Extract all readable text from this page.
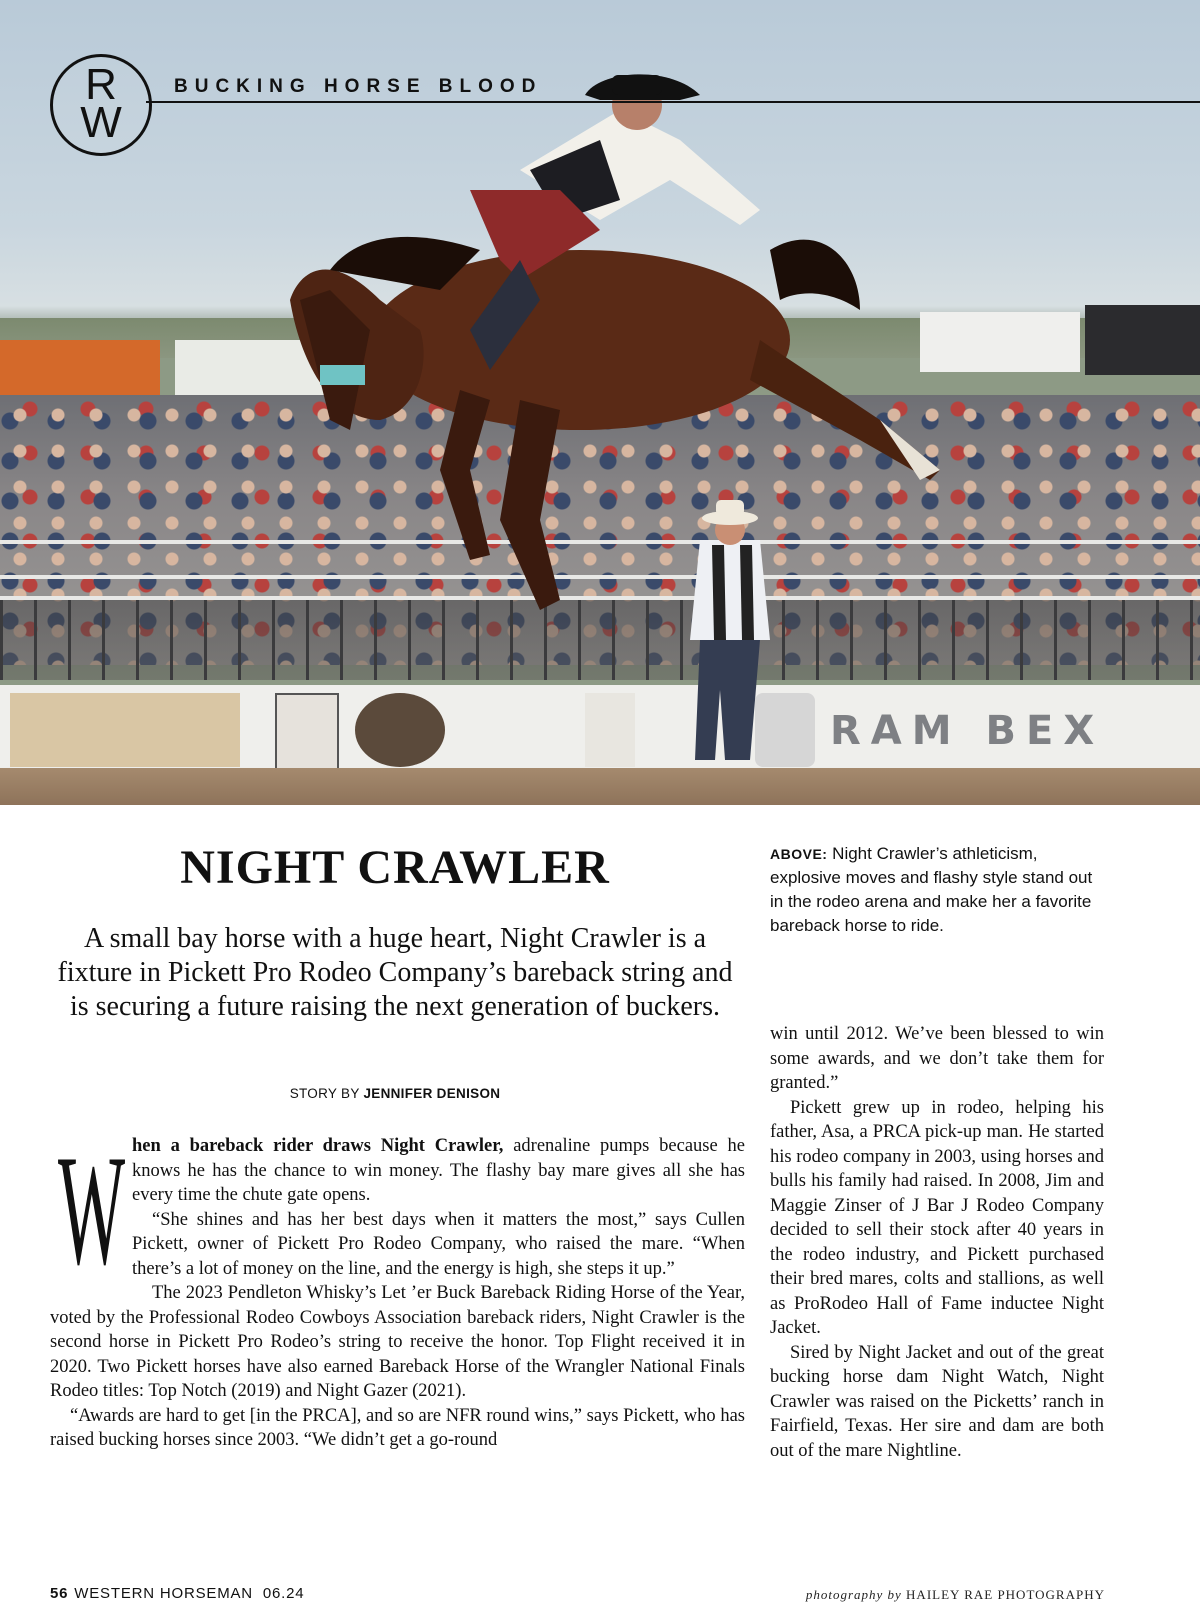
RAM BEX
R
W
BUCKING HORSE BLOOD
NIGHT CRAWLER
A small bay horse with a huge heart, Night Crawler is a fixture in Pickett Pro Rodeo Company’s bareback string and is securing a future raising the next generation of buckers.
STORY BY JENNIFER DENISON
ABOVE: Night Crawler’s athleticism, explosive moves and flashy style stand out in the rodeo arena and make her a favorite bareback horse to ride.
W hen a bareback rider draws Night Crawler, adrenaline pumps because he knows he has the chance to win money. The flashy bay mare gives all she has every time the chute gate opens.

“She shines and has her best days when it matters the most,” says Cullen Pickett, owner of Pickett Pro Rodeo Company, who raised the mare. “When there’s a lot of money on the line, and the energy is high, she steps it up.”

The 2023 Pendleton Whisky’s Let ’er Buck Bareback Riding Horse of the Year, voted by the Professional Rodeo Cowboys Association bareback riders, Night Crawler is the second horse in Pickett Pro Rodeo’s string to receive the honor. Top Flight received it in 2020. Two Pickett horses have also earned Bareback Horse of the Wrangler National Finals Rodeo titles: Top Notch (2019) and Night Gazer (2021).

“Awards are hard to get [in the PRCA], and so are NFR round wins,” says Pickett, who has raised bucking horses since 2003. “We didn’t get a go-round

win until 2012. We’ve been blessed to win some awards, and we don’t take them for granted.”

Pickett grew up in rodeo, helping his father, Asa, a PRCA pick-up man. He started his rodeo company in 2003, using horses and bulls his family had raised. In 2008, Jim and Maggie Zinser of J Bar J Rodeo Company decided to sell their stock after 40 years in the rodeo industry, and Pickett purchased their bred mares, colts and stallions, as well as ProRodeo Hall of Fame inductee Night Jacket.

Sired by Night Jacket and out of the great bucking horse dam Night Watch, Night Crawler was raised on the Picketts’ ranch in Fairfield, Texas. Her sire and dam are both out of the mare Nightline.

56 WESTERN HORSEMAN 06.24	photography by HAILEY RAE PHOTOGRAPHY
